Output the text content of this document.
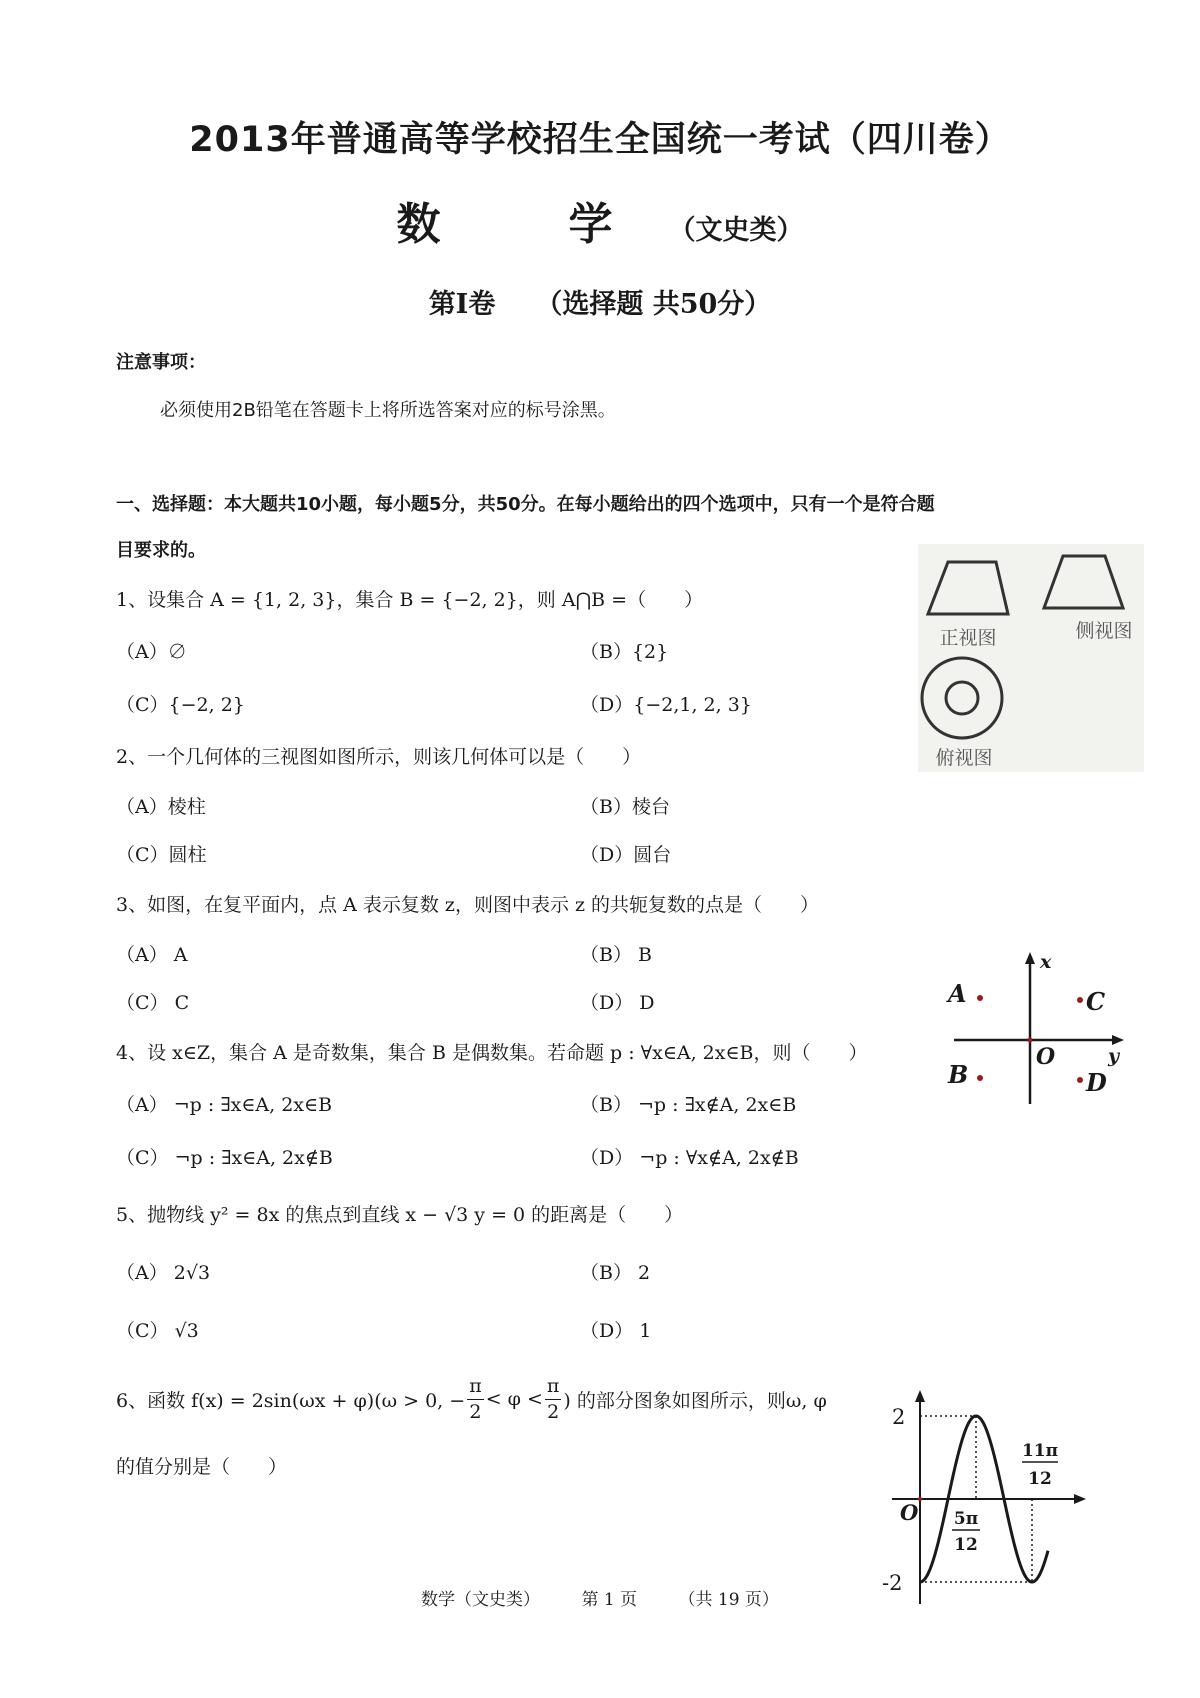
2013年普通高等学校招生全国统一考试（四川卷）
数　学 （文史类）
第Ⅰ卷 （选择题 共50分）
注意事项：
必须使用2B铅笔在答题卡上将所选答案对应的标号涂黑。
一、选择题：本大题共10小题，每小题5分，共50分。在每小题给出的四个选项中，只有一个是符合题
目要求的。
1、设集合 A = {1, 2, 3}，集合 B = {−2, 2}，则 A⋂B =（　　）
（A）∅	（B）{2}
（C）{−2, 2}	（D）{−2,1, 2, 3}
2、一个几何体的三视图如图所示，则该几何体可以是（　　）
（A）棱柱	（B）棱台
（C）圆柱	（D）圆台
3、如图，在复平面内，点 A 表示复数 z，则图中表示 z 的共轭复数的点是（　　）
（A） A	（B） B
（C） C	（D） D
4、设 x∈Z，集合 A 是奇数集，集合 B 是偶数集。若命题 p : ∀x∈A, 2x∈B，则（　　）
（A） ¬p : ∃x∈A, 2x∈B	（B） ¬p : ∃x∉A, 2x∈B
（C） ¬p : ∃x∈A, 2x∉B	（D） ¬p : ∀x∉A, 2x∉B
5、抛物线 y² = 8x 的焦点到直线 x − √3 y = 0 的距离是（　　）
（A） 2√3	（B） 2
（C） √3	（D） 1
6、函数 f(x) = 2sin(ωx + φ)(ω > 0, − $\frac{\pi}{2} < \varphi < \frac{\pi}{2}$ ) 的部分图象如图所示，则ω, φ
的值分别是（　　）
正视图	侧视图
俯视图
x
y
O
A
B
C
D
2
-2
O 5π
12
11π
12
数学（文史类） 第 1 页 （共 19 页）
